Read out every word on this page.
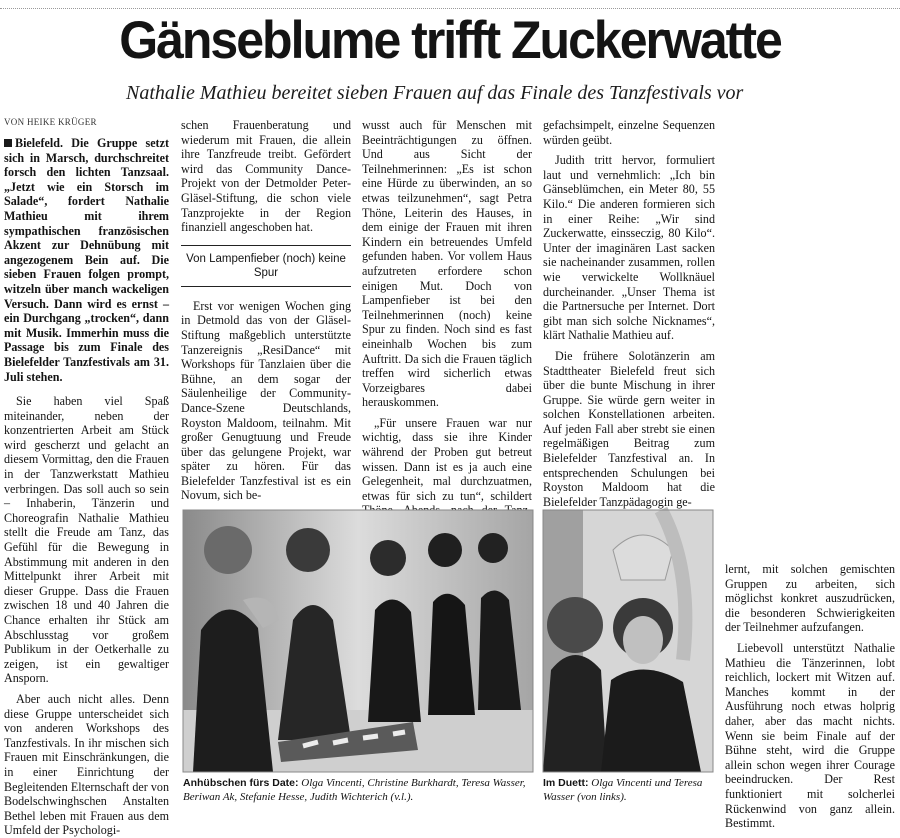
Gänseblume trifft Zuckerwatte
Nathalie Mathieu bereitet sieben Frauen auf das Finale des Tanzfestivals vor
VON HEIKE KRÜGER

Bielefeld. Die Gruppe setzt sich in Marsch, durchschreitet forsch den lichten Tanzsaal. „Jetzt wie ein Storsch im Salade“, fordert Nathalie Mathieu mit ihrem sympathischen französischen Akzent zur Dehnübung mit angezogenem Bein auf. Die sieben Frauen folgen prompt, witzeln über manch wackeligen Versuch. Dann wird es ernst – ein Durchgang „trocken“, dann mit Musik. Immerhin muss die Passage bis zum Finale des Bielefelder Tanzfestivals am 31. Juli stehen.

Sie haben viel Spaß miteinander, neben der konzentrierten Arbeit am Stück wird gescherzt und gelacht an diesem Vormittag, den die Frauen in der Tanzwerkstatt Mathieu verbringen. Das soll auch so sein – Inhaberin, Tänzerin und Choreografin Nathalie Mathieu stellt die Freude am Tanz, das Gefühl für die Bewegung in Abstimmung mit anderen in den Mittelpunkt ihrer Arbeit mit dieser Gruppe. Dass die Frauen zwischen 18 und 40 Jahren die Chance erhalten ihr Stück am Abschlusstag vor großem Publikum in der Oetkerhalle zu zeigen, ist ein gewaltiger Ansporn.

Aber auch nicht alles. Denn diese Gruppe unterscheidet sich von anderen Workshops des Tanzfestivals. In ihr mischen sich Frauen mit Einschränkungen, die in einer Einrichtung der Begleitenden Elternschaft der von Bodelschwinghschen Anstalten Bethel leben mit Frauen aus dem Umfeld der Psychologi-

schen Frauenberatung und wiederum mit Frauen, die allein ihre Tanzfreude treibt. Gefördert wird das Community Dance-Projekt von der Detmolder Peter-Gläsel-Stiftung, die schon viele Tanzprojekte in der Region finanziell angeschoben hat.

Von Lampenfieber (noch) keine Spur

Erst vor wenigen Wochen ging in Detmold das von der Gläsel-Stiftung maßgeblich unterstützte Tanzereignis „ResiDance“ mit Workshops für Tanzlaien über die Bühne, an dem sogar der Säulenheilige der Community-Dance-Szene Deutschlands, Royston Maldoom, teilnahm. Mit großer Genugtuung und Freude über das gelungene Projekt, war später zu hören. Für das Bielefelder Tanzfestival ist es ein Novum, sich be-

wusst auch für Menschen mit Beeinträchtigungen zu öffnen. Und aus Sicht der Teilnehmerinnen: „Es ist schon eine Hürde zu überwinden, an so etwas teilzunehmen“, sagt Petra Thöne, Leiterin des Hauses, in dem einige der Frauen mit ihren Kindern ein betreuendes Umfeld gefunden haben. Vor vollem Haus aufzutreten erfordere schon einigen Mut. Doch von Lampenfieber ist bei den Teilnehmerinnen (noch) keine Spur zu finden. Noch sind es fast eineinhalb Wochen bis zum Auftritt. Da sich die Frauen täglich treffen wird sicherlich etwas Vorzeigbares dabei herauskommen.

„Für unsere Frauen war nur wichtig, dass sie ihre Kinder während der Proben gut betreut wissen. Dann ist es ja auch eine Gelegenheit, mal durchzuatmen, etwas für sich zu tun“, schildert

gefachsimpelt, einzelne Sequenzen würden geübt.

Judith tritt hervor, formuliert laut und vernehmlich: „Ich bin Gänseblümchen, ein Meter 80, 55 Kilo.“ Die anderen formieren sich in einer Reihe: „Wir sind Zuckerwatte, einsseczig, 80 Kilo“. Unter der imaginären Last sacken sie nacheinander zusammen, rollen wie verwickelte Wollknäuel durcheinander. „Unser Thema ist die Partnersuche per Internet. Dort gibt man sich solche Nicknames“, klärt Nathalie Mathieu auf.

Die frühere Solotänzerin am Stadttheater Bielefeld freut sich über die bunte Mischung in ihrer Gruppe. Sie würde gern weiter in solchen Konstellationen arbeiten. Auf jeden Fall aber strebt sie einen regelmäßigen Beitrag zum Bielefelder Tanzfestival an. In entsprechenden Schulungen bei Royston Maldoom hat die Bielefelder Tanzpädagogin ge-

lernt, mit solchen gemischten Gruppen zu arbeiten, sich möglichst konkret auszudrücken, die besonderen Schwierigkeiten der Teilnehmer aufzufangen.

Liebevoll unterstützt Nathalie Mathieu die Tänzerinnen, lobt reichlich, lockert mit Witzen auf. Manches kommt in der Ausführung noch etwas holprig daher, aber das macht nichts. Wenn sie beim Finale auf der Bühne steht, wird die Gruppe allein schon wegen ihrer Courage beeindrucken. Der Rest funktioniert mit solcherlei Rückenwind von ganz allein. Bestimmt.

Anhübschen fürs Date: Olga Vincenti, Christine Burkhardt, Teresa Wasser, Beriwan Ak, Stefanie Hesse, Judith Wichterich (v.l.).
Im Duett: Olga Vincenti und Teresa Wasser (von links).
